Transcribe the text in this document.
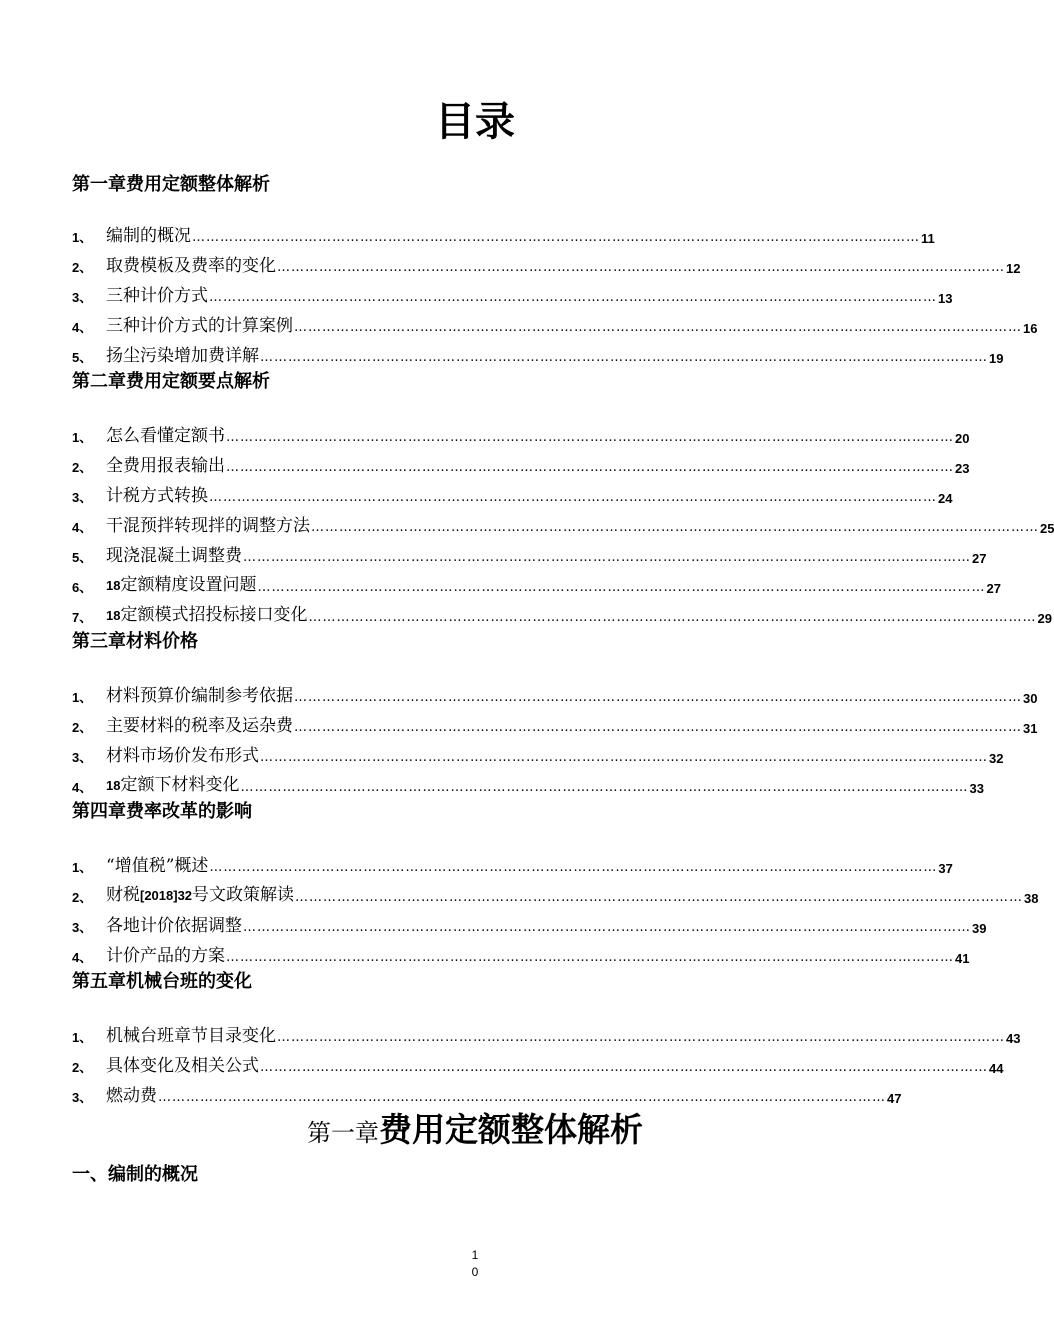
目录
第一章费用定额整体解析
1、 编制的概况 ………………………………………………………………………………………………………………………………………… 11
2、 取费模板及费率的变化 ………………………………………………………………………………………………………………………………………… 12
3、 三种计价方式 ………………………………………………………………………………………………………………………………………… 13
4、 三种计价方式的计算案例 ………………………………………………………………………………………………………………………………………… 16
5、 扬尘污染增加费详解 ………………………………………………………………………………………………………………………………………… 19
第二章费用定额要点解析
1、 怎么看懂定额书 ………………………………………………………………………………………………………………………………………… 20
2、 全费用报表输出 ………………………………………………………………………………………………………………………………………… 23
3、 计税方式转换 ………………………………………………………………………………………………………………………………………… 24
4、 干混预拌转现拌的调整方法 ………………………………………………………………………………………………………………………………………… 25
5、 现浇混凝土调整费 ………………………………………………………………………………………………………………………………………… 27
6、	18定额精度设置问题 ………………………………………………………………………………………………………………………………………… 27
7、	18定额模式招投标接口变化 ………………………………………………………………………………………………………………………………………… 29
第三章材料价格
1、 材料预算价编制参考依据 ………………………………………………………………………………………………………………………………………… 30
2、 主要材料的税率及运杂费 ………………………………………………………………………………………………………………………………………… 31
3、 材料市场价发布形式 ………………………………………………………………………………………………………………………………………… 32
4、	18定额下材料变化 ………………………………………………………………………………………………………………………………………… 33
第四章费率改革的影响
1、 “增值税”概述 ………………………………………………………………………………………………………………………………………… 37
2、 财税[2018]32号文政策解读 ………………………………………………………………………………………………………………………………………… 38
3、 各地计价依据调整 ………………………………………………………………………………………………………………………………………… 39
4、 计价产品的方案 ………………………………………………………………………………………………………………………………………… 41
第五章机械台班的变化
1、 机械台班章节目录变化 ………………………………………………………………………………………………………………………………………… 43
2、 具体变化及相关公式 ………………………………………………………………………………………………………………………………………… 44
3、 燃动费 ………………………………………………………………………………………………………………………………………… 47
第一章费用定额整体解析
一、编制的概况
1
0
